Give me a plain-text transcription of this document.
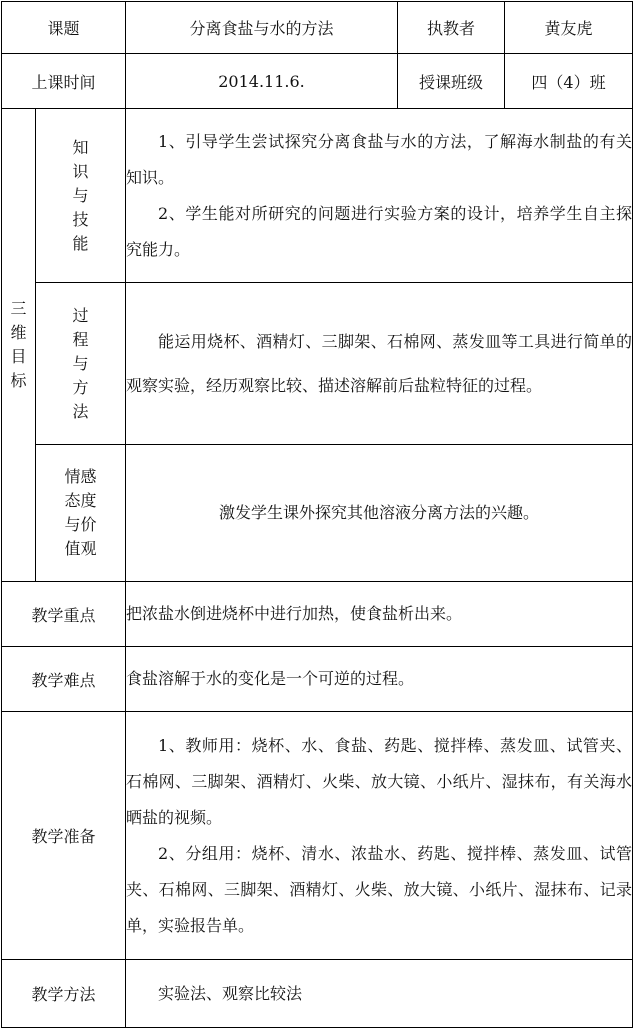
课题		分离食盐与水的方法	执教者	黄友虎
上课时间		2014.11.6.	授课班级	四（4）班
三维目标	知识与技能	1、引导学生尝试探究分离食盐与水的方法，了解海水制盐的有关知识。

2、学生能对所研究的问题进行实验方案的设计，培养学生自主探究能力。		

	过程与方法	能运用烧杯、酒精灯、三脚架、石棉网、蒸发皿等工具进行简单的观察实验，经历观察比较、描述溶解前后盐粒特征的过程。		

	情感态度与价值观	激发学生课外探究其他溶液分离方法的兴趣。		

教学重点		把浓盐水倒进烧杯中进行加热，使食盐析出来。		

教学难点		食盐溶解于水的变化是一个可逆的过程。		

教学准备		1、教师用：烧杯、水、食盐、药匙、搅拌棒、蒸发皿、试管夹、石棉网、三脚架、酒精灯、火柴、放大镜、小纸片、湿抹布，有关海水晒盐的视频。

2、分组用：烧杯、清水、浓盐水、药匙、搅拌棒、蒸发皿、试管夹、石棉网、三脚架、酒精灯、火柴、放大镜、小纸片、湿抹布、记录单，实验报告单。		

教学方法		实验法、观察比较法		
